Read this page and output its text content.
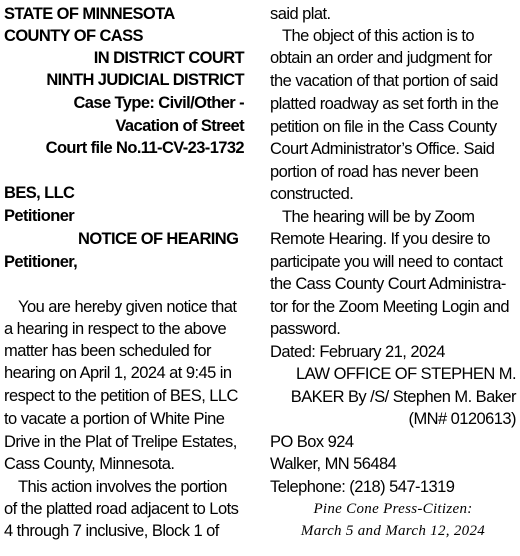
STATE OF MINNESOTA
COUNTY OF CASS
IN DISTRICT COURT
NINTH JUDICIAL DISTRICT
Case Type: Civil/Other -
Vacation of Street
Court file No.11-CV-23-1732
BES, LLC
Petitioner
NOTICE OF HEARING
Petitioner,
You are hereby given notice that
a hearing in respect to the above
matter has been scheduled for
hearing on April 1, 2024 at 9:45 in
respect to the petition of BES, LLC
to vacate a portion of White Pine
Drive in the Plat of Trelipe Estates,
Cass County, Minnesota.
This action involves the portion
of the platted road adjacent to Lots
4 through 7 inclusive, Block 1 of
said plat.
The object of this action is to
obtain an order and judgment for
the vacation of that portion of said
platted roadway as set forth in the
petition on file in the Cass County
Court Administrator’s Office. Said
portion of road has never been
constructed.
The hearing will be by Zoom
Remote Hearing. If you desire to
participate you will need to contact
the Cass County Court Administra-
tor for the Zoom Meeting Login and
password.
Dated: February 21, 2024
LAW OFFICE OF STEPHEN M.
BAKER By /S/ Stephen M. Baker
(MN# 0120613)
PO Box 924
Walker, MN 56484
Telephone: (218) 547-1319
Pine Cone Press-Citizen:
March 5 and March 12, 2024
